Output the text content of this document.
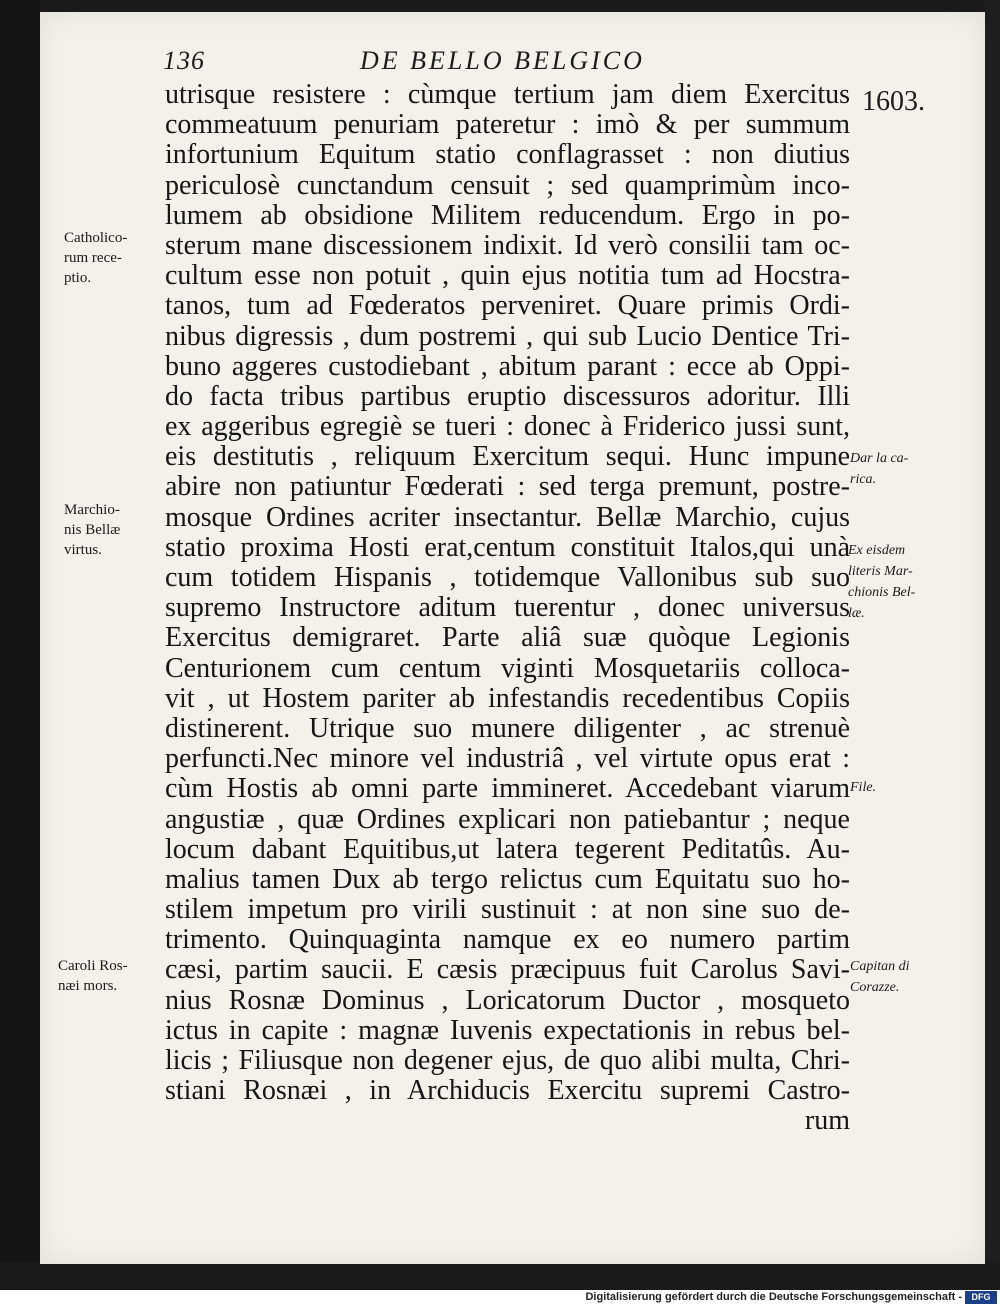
136	DE BELLO BELGICO
1603.
utrisque resistere : cùmque tertium jam diem Exercitus
commeatuum penuriam pateretur : imò & per summum
infortunium Equitum statio conflagrasset : non diutius
periculosè cunctandum censuit ; sed quamprimùm inco-
lumem ab obsidione Militem reducendum. Ergo in po-
sterum mane discessionem indixit. Id verò consilii tam oc-
cultum esse non potuit , quin ejus notitia tum ad Hocstra-
tanos, tum ad Fœderatos perveniret. Quare primis Ordi-
nibus digressis , dum postremi , qui sub Lucio Dentice Tri-
buno aggeres custodiebant , abitum parant : ecce ab Oppi-
do facta tribus partibus eruptio discessuros adoritur. Illi
ex aggeribus egregiè se tueri : donec à Friderico jussi sunt,
eis destitutis , reliquum Exercitum sequi. Hunc impune
abire non patiuntur Fœderati : sed terga premunt, postre-
mosque Ordines acriter insectantur. Bellæ Marchio, cujus
statio proxima Hosti erat,centum constituit Italos,qui unà
cum totidem Hispanis , totidemque Vallonibus sub suo
supremo Instructore aditum tuerentur , donec universus
Exercitus demigraret. Parte aliâ suæ quòque Legionis
Centurionem cum centum viginti Mosquetariis colloca-
vit , ut Hostem pariter ab infestandis recedentibus Copiis
distinerent. Utrique suo munere diligenter , ac strenuè
perfuncti.Nec minore vel industriâ , vel virtute opus erat :
cùm Hostis ab omni parte immineret. Accedebant viarum
angustiæ , quæ Ordines explicari non patiebantur ; neque
locum dabant Equitibus,ut latera tegerent Peditatûs. Au-
malius tamen Dux ab tergo relictus cum Equitatu suo ho-
stilem impetum pro virili sustinuit : at non sine suo de-
trimento. Quinquaginta namque ex eo numero partim
cæsi, partim saucii. E cæsis præcipuus fuit Carolus Savi-
nius Rosnæ Dominus , Loricatorum Ductor , mosqueto
ictus in capite : magnæ Iuvenis expectationis in rebus bel-
licis ; Filiusque non degener ejus, de quo alibi multa, Chri-
stiani Rosnæi , in Archiducis Exercitu supremi Castro-
rum
Catholico-
rum rece-
ptio.
Marchio-
nis Bellæ
virtus.
Caroli Ros-
næi mors.
Dar la ca-
rica.
Ex eisdem
literis Mar-
chionis Bel-
læ.
File.
Capitan di
Corazze.
Digitalisierung gefördert durch die Deutsche Forschungsgemeinschaft -	DFG
